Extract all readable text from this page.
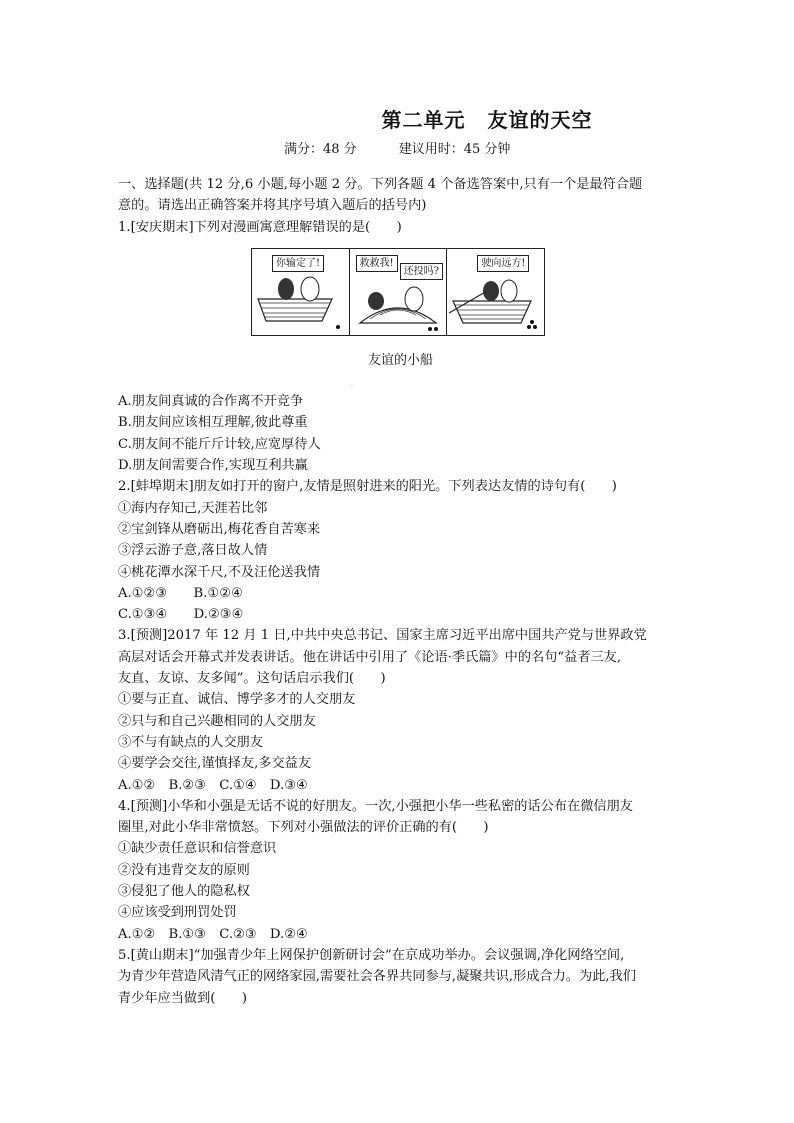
第二单元 友谊的天空
满分：48 分	建议用时：45 分钟

一、选择题(共 12 分,6 小题,每小题 2 分。下列各题 4 个备选答案中,只有一个是最符合题

意的。请选出正确答案并将其序号填入题后的括号内)

1.[安庆期末]下列对漫画寓意理解错误的是(　　)

你输定了!	救救我!
还投吗?
驶向远方!
友谊的小船
·

A.朋友间真诚的合作离不开竞争

B.朋友间应该相互理解,彼此尊重

C.朋友间不能斤斤计较,应宽厚待人

D.朋友间需要合作,实现互利共赢

2.[蚌埠期末]朋友如打开的窗户,友情是照射进来的阳光。下列表达友情的诗句有(　　)

①海内存知己,天涯若比邻

②宝剑锋从磨砺出,梅花香自苦寒来

③浮云游子意,落日故人情

④桃花潭水深千尺,不及汪伦送我情

A.①②③　　B.①②④

C.①③④　　D.②③④

3.[预测]2017 年 12 月 1 日,中共中央总书记、国家主席习近平出席中国共产党与世界政党

高层对话会开幕式并发表讲话。他在讲话中引用了《论语·季氏篇》中的名句“益者三友,

友直、友谅、友多闻”。这句话启示我们(　　)

①要与正直、诚信、博学多才的人交朋友

②只与和自己兴趣相同的人交朋友

③不与有缺点的人交朋友

④要学会交往,谨慎择友,多交益友

A.①②　B.②③　C.①④　D.③④

4.[预测]小华和小强是无话不说的好朋友。一次,小强把小华一些私密的话公布在微信朋友

圈里,对此小华非常愤怒。下列对小强做法的评价正确的有(　　)

①缺少责任意识和信誉意识

②没有违背交友的原则

③侵犯了他人的隐私权

④应该受到刑罚处罚

A.①②　B.①③　C.②③　D.②④

5.[黄山期末]“加强青少年上网保护创新研讨会”在京成功举办。会议强调,净化网络空间,

为青少年营造风清气正的网络家园,需要社会各界共同参与,凝聚共识,形成合力。为此,我们

青少年应当做到(　　)
